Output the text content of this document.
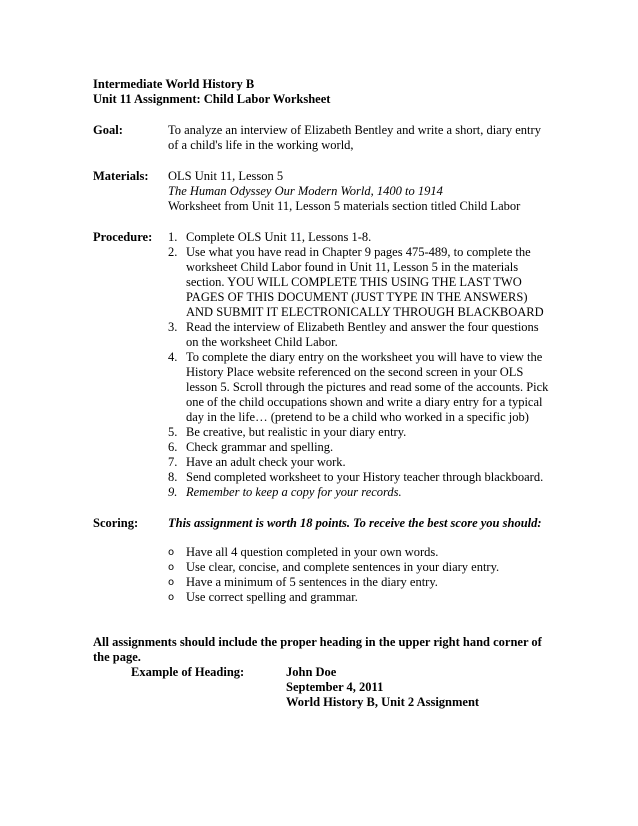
Intermediate World History B
Unit 11 Assignment: Child Labor Worksheet
Goal:	To analyze an interview of Elizabeth Bentley and write a short, diary entry of a child's life in the working world,
Materials:	OLS Unit 11, Lesson 5
The Human Odyssey Our Modern World, 1400 to 1914
Worksheet from Unit 11, Lesson 5 materials section titled Child Labor
Procedure:	1. Complete OLS Unit 11, Lessons 1-8.
2. Use what you have read in Chapter 9 pages 475-489, to complete the worksheet Child Labor found in Unit 11, Lesson 5 in the materials section. YOU WILL COMPLETE THIS USING THE LAST TWO PAGES OF THIS DOCUMENT (JUST TYPE IN THE ANSWERS) AND SUBMIT IT ELECTRONICALLY THROUGH BLACKBOARD
3. Read the interview of Elizabeth Bentley and answer the four questions on the worksheet Child Labor.
4. To complete the diary entry on the worksheet you will have to view the History Place website referenced on the second screen in your OLS lesson 5. Scroll through the pictures and read some of the accounts. Pick one of the child occupations shown and write a diary entry for a typical day in the life… (pretend to be a child who worked in a specific job)
5. Be creative, but realistic in your diary entry.
6. Check grammar and spelling.
7. Have an adult check your work.
8. Send completed worksheet to your History teacher through blackboard.
9. Remember to keep a copy for your records.
Scoring:	This assignment is worth 18 points. To receive the best score you should:
o Have all 4 question completed in your own words.
o Use clear, concise, and complete sentences in your diary entry.
o Have a minimum of 5 sentences in the diary entry.
o Use correct spelling and grammar.
All assignments should include the proper heading in the upper right hand corner of the page.
Example of Heading:	John Doe
September 4, 2011
World History B, Unit 2 Assignment
